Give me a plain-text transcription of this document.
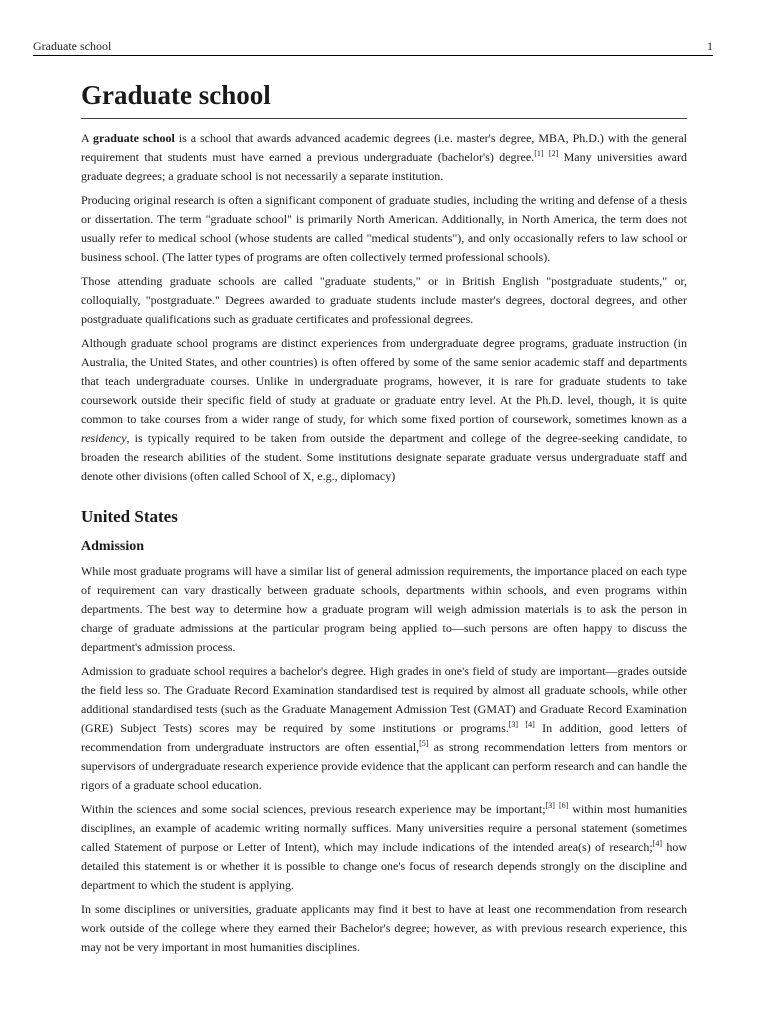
Graduate school	1
Graduate school

A graduate school is a school that awards advanced academic degrees (i.e. master's degree, MBA, Ph.D.) with the general requirement that students must have earned a previous undergraduate (bachelor's) degree.[1] [2] Many universities award graduate degrees; a graduate school is not necessarily a separate institution.

Producing original research is often a significant component of graduate studies, including the writing and defense of a thesis or dissertation. The term "graduate school" is primarily North American. Additionally, in North America, the term does not usually refer to medical school (whose students are called "medical students"), and only occasionally refers to law school or business school. (The latter types of programs are often collectively termed professional schools).

Those attending graduate schools are called "graduate students," or in British English "postgraduate students," or, colloquially, "postgraduate." Degrees awarded to graduate students include master's degrees, doctoral degrees, and other postgraduate qualifications such as graduate certificates and professional degrees.

Although graduate school programs are distinct experiences from undergraduate degree programs, graduate instruction (in Australia, the United States, and other countries) is often offered by some of the same senior academic staff and departments that teach undergraduate courses. Unlike in undergraduate programs, however, it is rare for graduate students to take coursework outside their specific field of study at graduate or graduate entry level. At the Ph.D. level, though, it is quite common to take courses from a wider range of study, for which some fixed portion of coursework, sometimes known as a residency, is typically required to be taken from outside the department and college of the degree-seeking candidate, to broaden the research abilities of the student. Some institutions designate separate graduate versus undergraduate staff and denote other divisions (often called School of X, e.g., diplomacy)

United States
Admission

While most graduate programs will have a similar list of general admission requirements, the importance placed on each type of requirement can vary drastically between graduate schools, departments within schools, and even programs within departments. The best way to determine how a graduate program will weigh admission materials is to ask the person in charge of graduate admissions at the particular program being applied to—such persons are often happy to discuss the department's admission process.

Admission to graduate school requires a bachelor's degree. High grades in one's field of study are important—grades outside the field less so. The Graduate Record Examination standardised test is required by almost all graduate schools, while other additional standardised tests (such as the Graduate Management Admission Test (GMAT) and Graduate Record Examination (GRE) Subject Tests) scores may be required by some institutions or programs.[3] [4] In addition, good letters of recommendation from undergraduate instructors are often essential,[5] as strong recommendation letters from mentors or supervisors of undergraduate research experience provide evidence that the applicant can perform research and can handle the rigors of a graduate school education.

Within the sciences and some social sciences, previous research experience may be important;[3] [6] within most humanities disciplines, an example of academic writing normally suffices. Many universities require a personal statement (sometimes called Statement of purpose or Letter of Intent), which may include indications of the intended area(s) of research;[4] how detailed this statement is or whether it is possible to change one's focus of research depends strongly on the discipline and department to which the student is applying.

In some disciplines or universities, graduate applicants may find it best to have at least one recommendation from research work outside of the college where they earned their Bachelor's degree; however, as with previous research experience, this may not be very important in most humanities disciplines.
